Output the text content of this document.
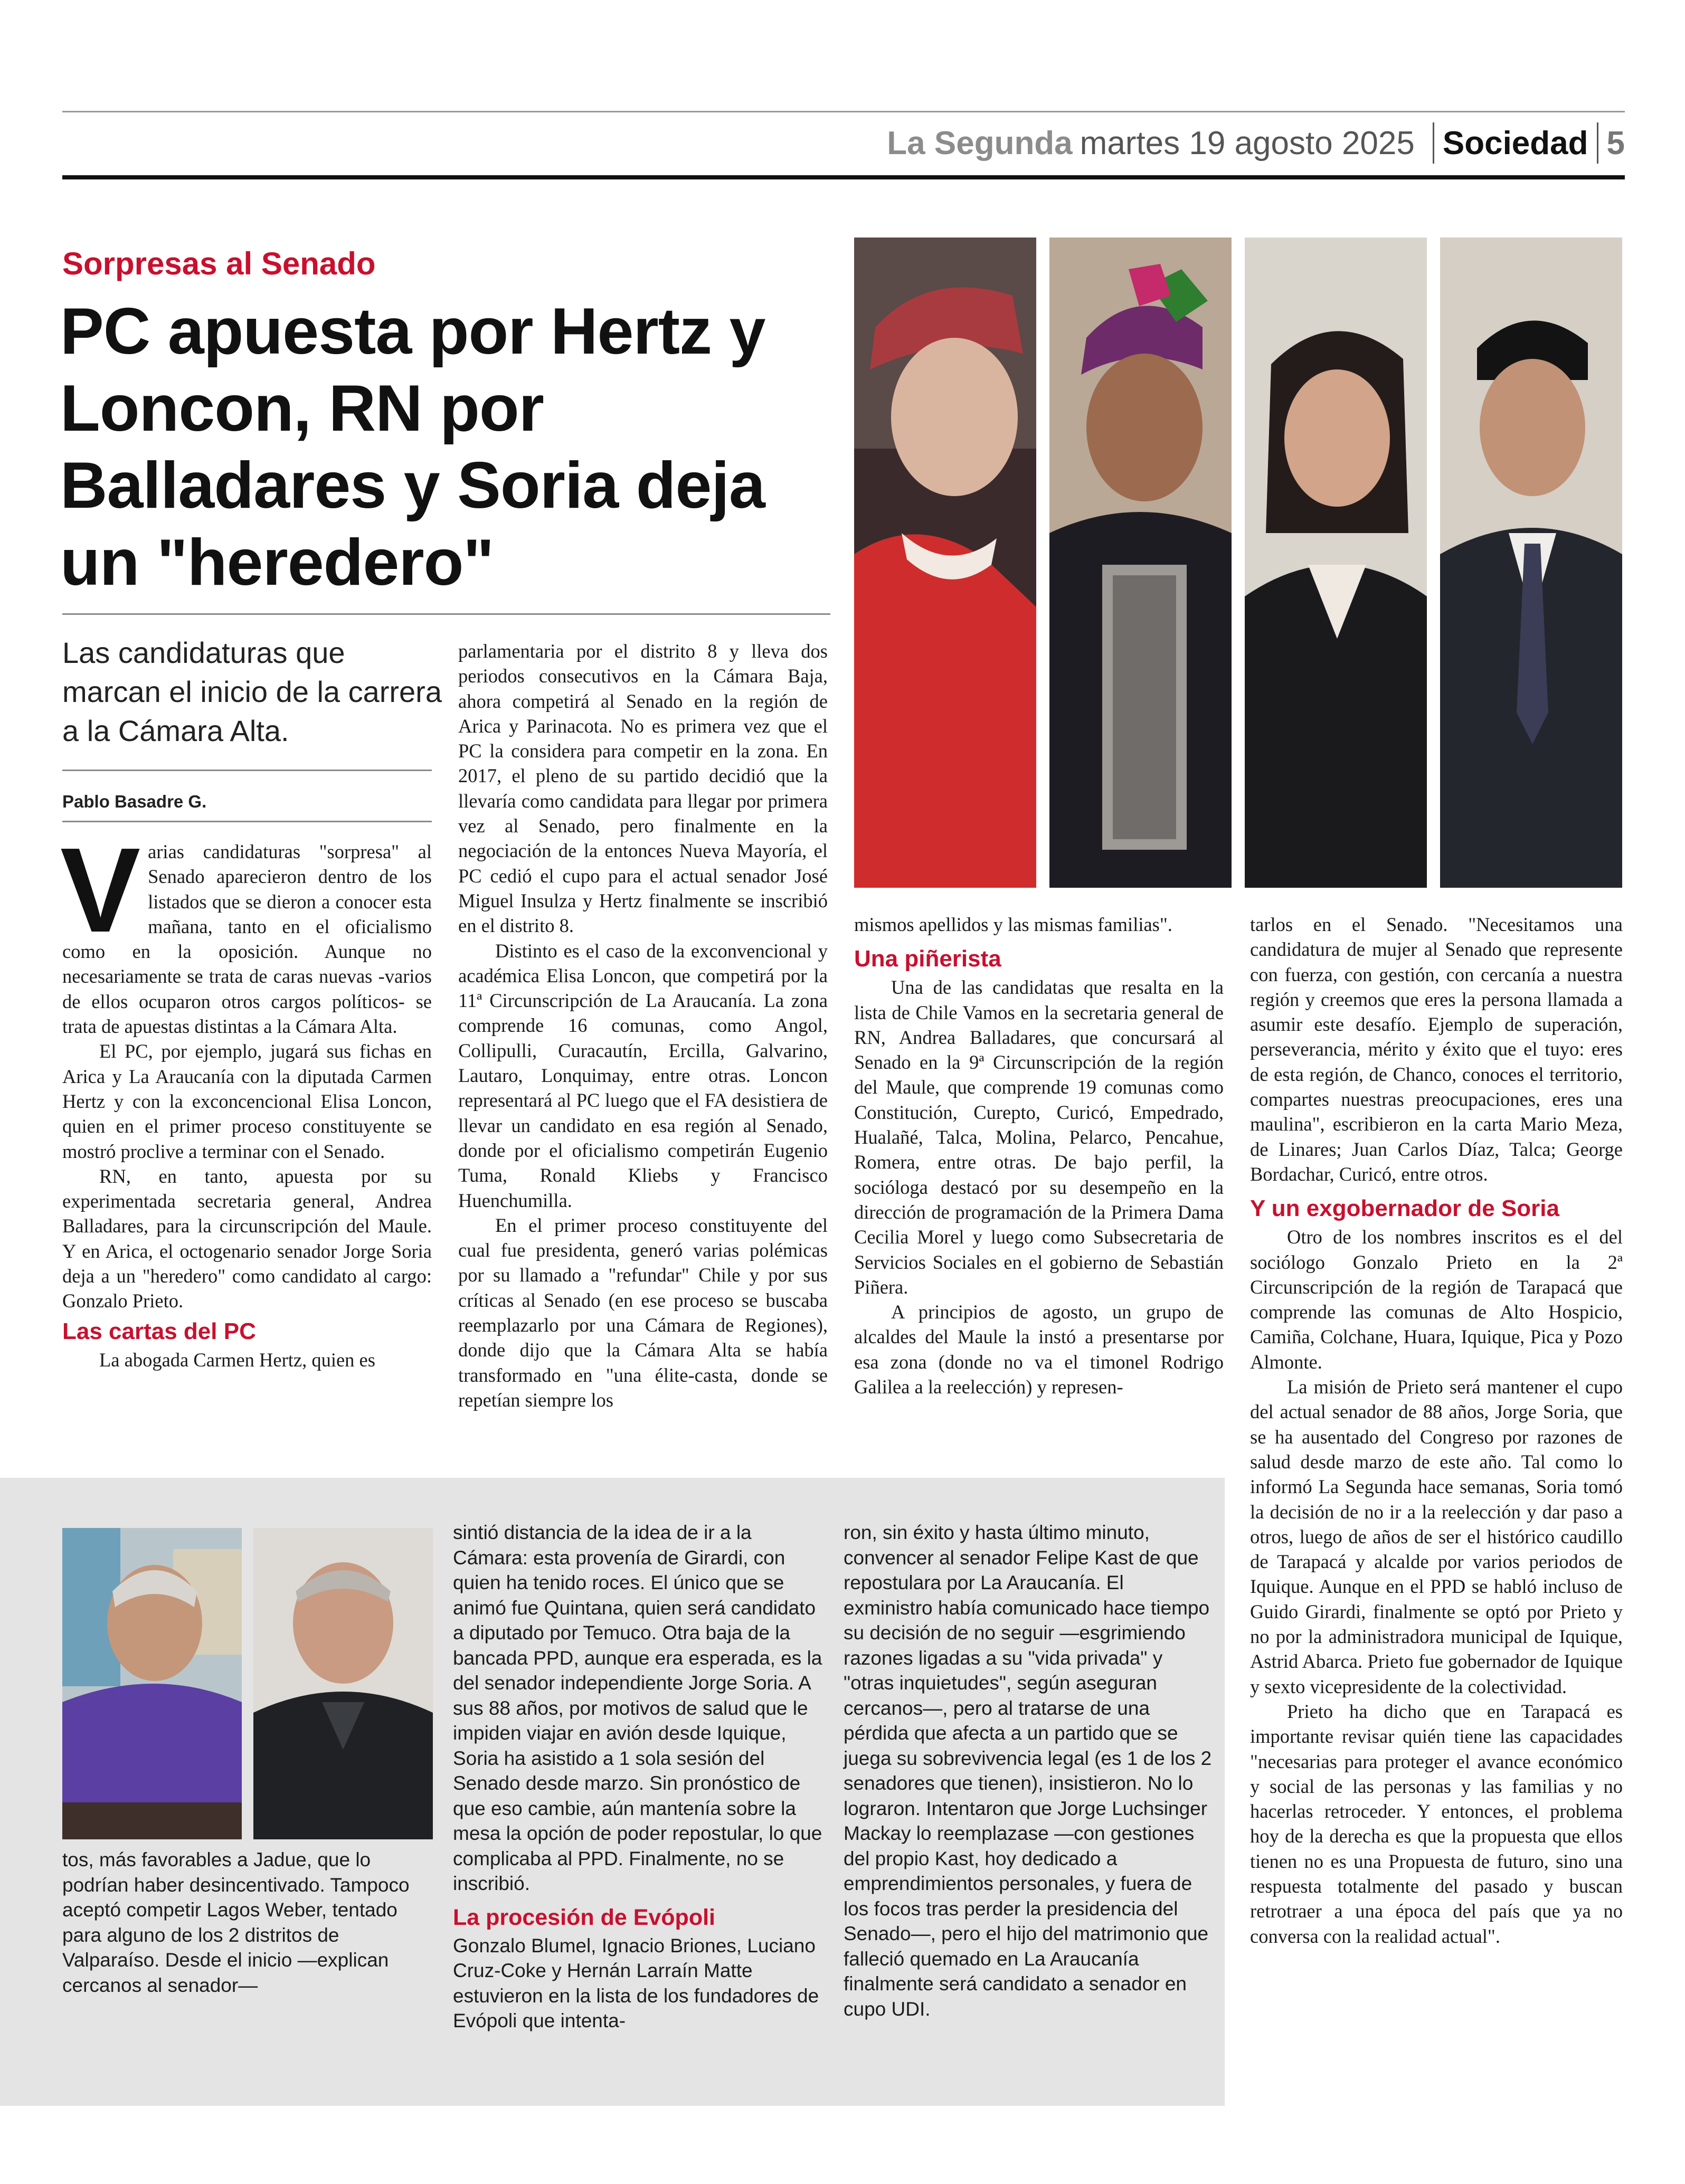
La Segunda martes 19 agosto 2025 Sociedad 5
Sorpresas al Senado
PC apuesta por Hertz y Loncon, RN por Balladares y Soria deja un "heredero"
Las candidaturas que marcan el inicio de la carrera a la Cámara Alta.
Pablo Basadre G.

Varias candidaturas "sorpresa" al Senado aparecieron dentro de los listados que se dieron a conocer esta mañana, tanto en el oficialismo como en la oposición. Aunque no necesariamente se trata de caras nuevas -varios de ellos ocuparon otros cargos políticos- se trata de apuestas distintas a la Cámara Alta.

El PC, por ejemplo, jugará sus fichas en Arica y La Araucanía con la diputada Carmen Hertz y con la exconcencional Elisa Loncon, quien en el primer proceso constituyente se mostró proclive a terminar con el Senado.

RN, en tanto, apuesta por su experimentada secretaria general, Andrea Balladares, para la circunscripción del Maule. Y en Arica, el octogenario senador Jorge Soria deja a un "heredero" como candidato al cargo: Gonzalo Prieto.

Las cartas del PC

La abogada Carmen Hertz, quien es

parlamentaria por el distrito 8 y lleva dos periodos consecutivos en la Cámara Baja, ahora competirá al Senado en la región de Arica y Parinacota. No es primera vez que el PC la considera para competir en la zona. En 2017, el pleno de su partido decidió que la llevaría como candidata para llegar por primera vez al Senado, pero finalmente en la negociación de la entonces Nueva Mayoría, el PC cedió el cupo para el actual senador José Miguel Insulza y Hertz finalmente se inscribió en el distrito 8.

Distinto es el caso de la exconvencional y académica Elisa Loncon, que competirá por la 11ª Circunscripción de La Araucanía. La zona comprende 16 comunas, como Angol, Collipulli, Curacautín, Ercilla, Galvarino, Lautaro, Lonquimay, entre otras. Loncon representará al PC luego que el FA desistiera de llevar un candidato en esa región al Senado, donde por el oficialismo competirán Eugenio Tuma, Ronald Kliebs y Francisco Huenchumilla.

En el primer proceso constituyente del cual fue presidenta, generó varias polémicas por su llamado a "refundar" Chile y por sus críticas al Senado (en ese proceso se buscaba reemplazarlo por una Cámara de Regiones), donde dijo que la Cámara Alta se había transformado en "una élite-casta, donde se repetían siempre los

mismos apellidos y las mismas familias".

Una piñerista

Una de las candidatas que resalta en la lista de Chile Vamos en la secretaria general de RN, Andrea Balladares, que concursará al Senado en la 9ª Circunscripción de la región del Maule, que comprende 19 comunas como Constitución, Curepto, Curicó, Empedrado, Hualañé, Talca, Molina, Pelarco, Pencahue, Romera, entre otras. De bajo perfil, la socióloga destacó por su desempeño en la dirección de programación de la Primera Dama Cecilia Morel y luego como Subsecretaria de Servicios Sociales en el gobierno de Sebastián Piñera.

A principios de agosto, un grupo de alcaldes del Maule la instó a presentarse por esa zona (donde no va el timonel Rodrigo Galilea a la reelección) y represen-

tarlos en el Senado. "Necesitamos una candidatura de mujer al Senado que represente con fuerza, con gestión, con cercanía a nuestra región y creemos que eres la persona llamada a asumir este desafío. Ejemplo de superación, perseverancia, mérito y éxito que el tuyo: eres de esta región, de Chanco, conoces el territorio, compartes nuestras preocupaciones, eres una maulina", escribieron en la carta Mario Meza, de Linares; Juan Carlos Díaz, Talca; George Bordachar, Curicó, entre otros.

Y un exgobernador de Soria

Otro de los nombres inscritos es el del sociólogo Gonzalo Prieto en la 2ª Circunscripción de la región de Tarapacá que comprende las comunas de Alto Hospicio, Camiña, Colchane, Huara, Iquique, Pica y Pozo Almonte.

La misión de Prieto será mantener el cupo del actual senador de 88 años, Jorge Soria, que se ha ausentado del Congreso por razones de salud desde marzo de este año. Tal como lo informó La Segunda hace semanas, Soria tomó la decisión de no ir a la reelección y dar paso a otros, luego de años de ser el histórico caudillo de Tarapacá y alcalde por varios periodos de Iquique. Aunque en el PPD se habló incluso de Guido Girardi, finalmente se optó por Prieto y no por la administradora municipal de Iquique, Astrid Abarca. Prieto fue gobernador de Iquique y sexto vicepresidente de la colectividad.

Prieto ha dicho que en Tarapacá es importante revisar quién tiene las capacidades "necesarias para proteger el avance económico y social de las personas y las familias y no hacerlas retroceder. Y entonces, el problema hoy de la derecha es que la propuesta que ellos tienen no es una Propuesta de futuro, sino una respuesta totalmente del pasado y buscan retrotraer a una época del país que ya no conversa con la realidad actual".

tos, más favorables a Jadue, que lo podrían haber desincentivado. Tampoco aceptó competir Lagos Weber, tentado para alguno de los 2 distritos de Valparaíso. Desde el inicio —explican cercanos al senador—
sintió distancia de la idea de ir a la Cámara: esta provenía de Girardi, con quien ha tenido roces. El único que se animó fue Quintana, quien será candidato a diputado por Temuco. Otra baja de la bancada PPD, aunque era esperada, es la del senador independiente Jorge Soria. A sus 88 años, por motivos de salud que le impiden viajar en avión desde Iquique, Soria ha asistido a 1 sola sesión del Senado desde marzo. Sin pronóstico de que eso cambie, aún mantenía sobre la mesa la opción de poder repostular, lo que complicaba al PPD. Finalmente, no se inscribió.
La procesión de Evópoli
Gonzalo Blumel, Ignacio Briones, Luciano Cruz-Coke y Hernán Larraín Matte estuvieron en la lista de los fundadores de Evópoli que intenta-
ron, sin éxito y hasta último minuto, convencer al senador Felipe Kast de que repostulara por La Araucanía. El exministro había comunicado hace tiempo su decisión de no seguir —esgrimiendo razones ligadas a su "vida privada" y "otras inquietudes", según aseguran cercanos—, pero al tratarse de una pérdida que afecta a un partido que se juega su sobrevivencia legal (es 1 de los 2 senadores que tienen), insistieron. No lo lograron. Intentaron que Jorge Luchsinger Mackay lo reemplazase —con gestiones del propio Kast, hoy dedicado a emprendimientos personales, y fuera de los focos tras perder la presidencia del Senado—, pero el hijo del matrimonio que falleció quemado en La Araucanía finalmente será candidato a senador en cupo UDI.
